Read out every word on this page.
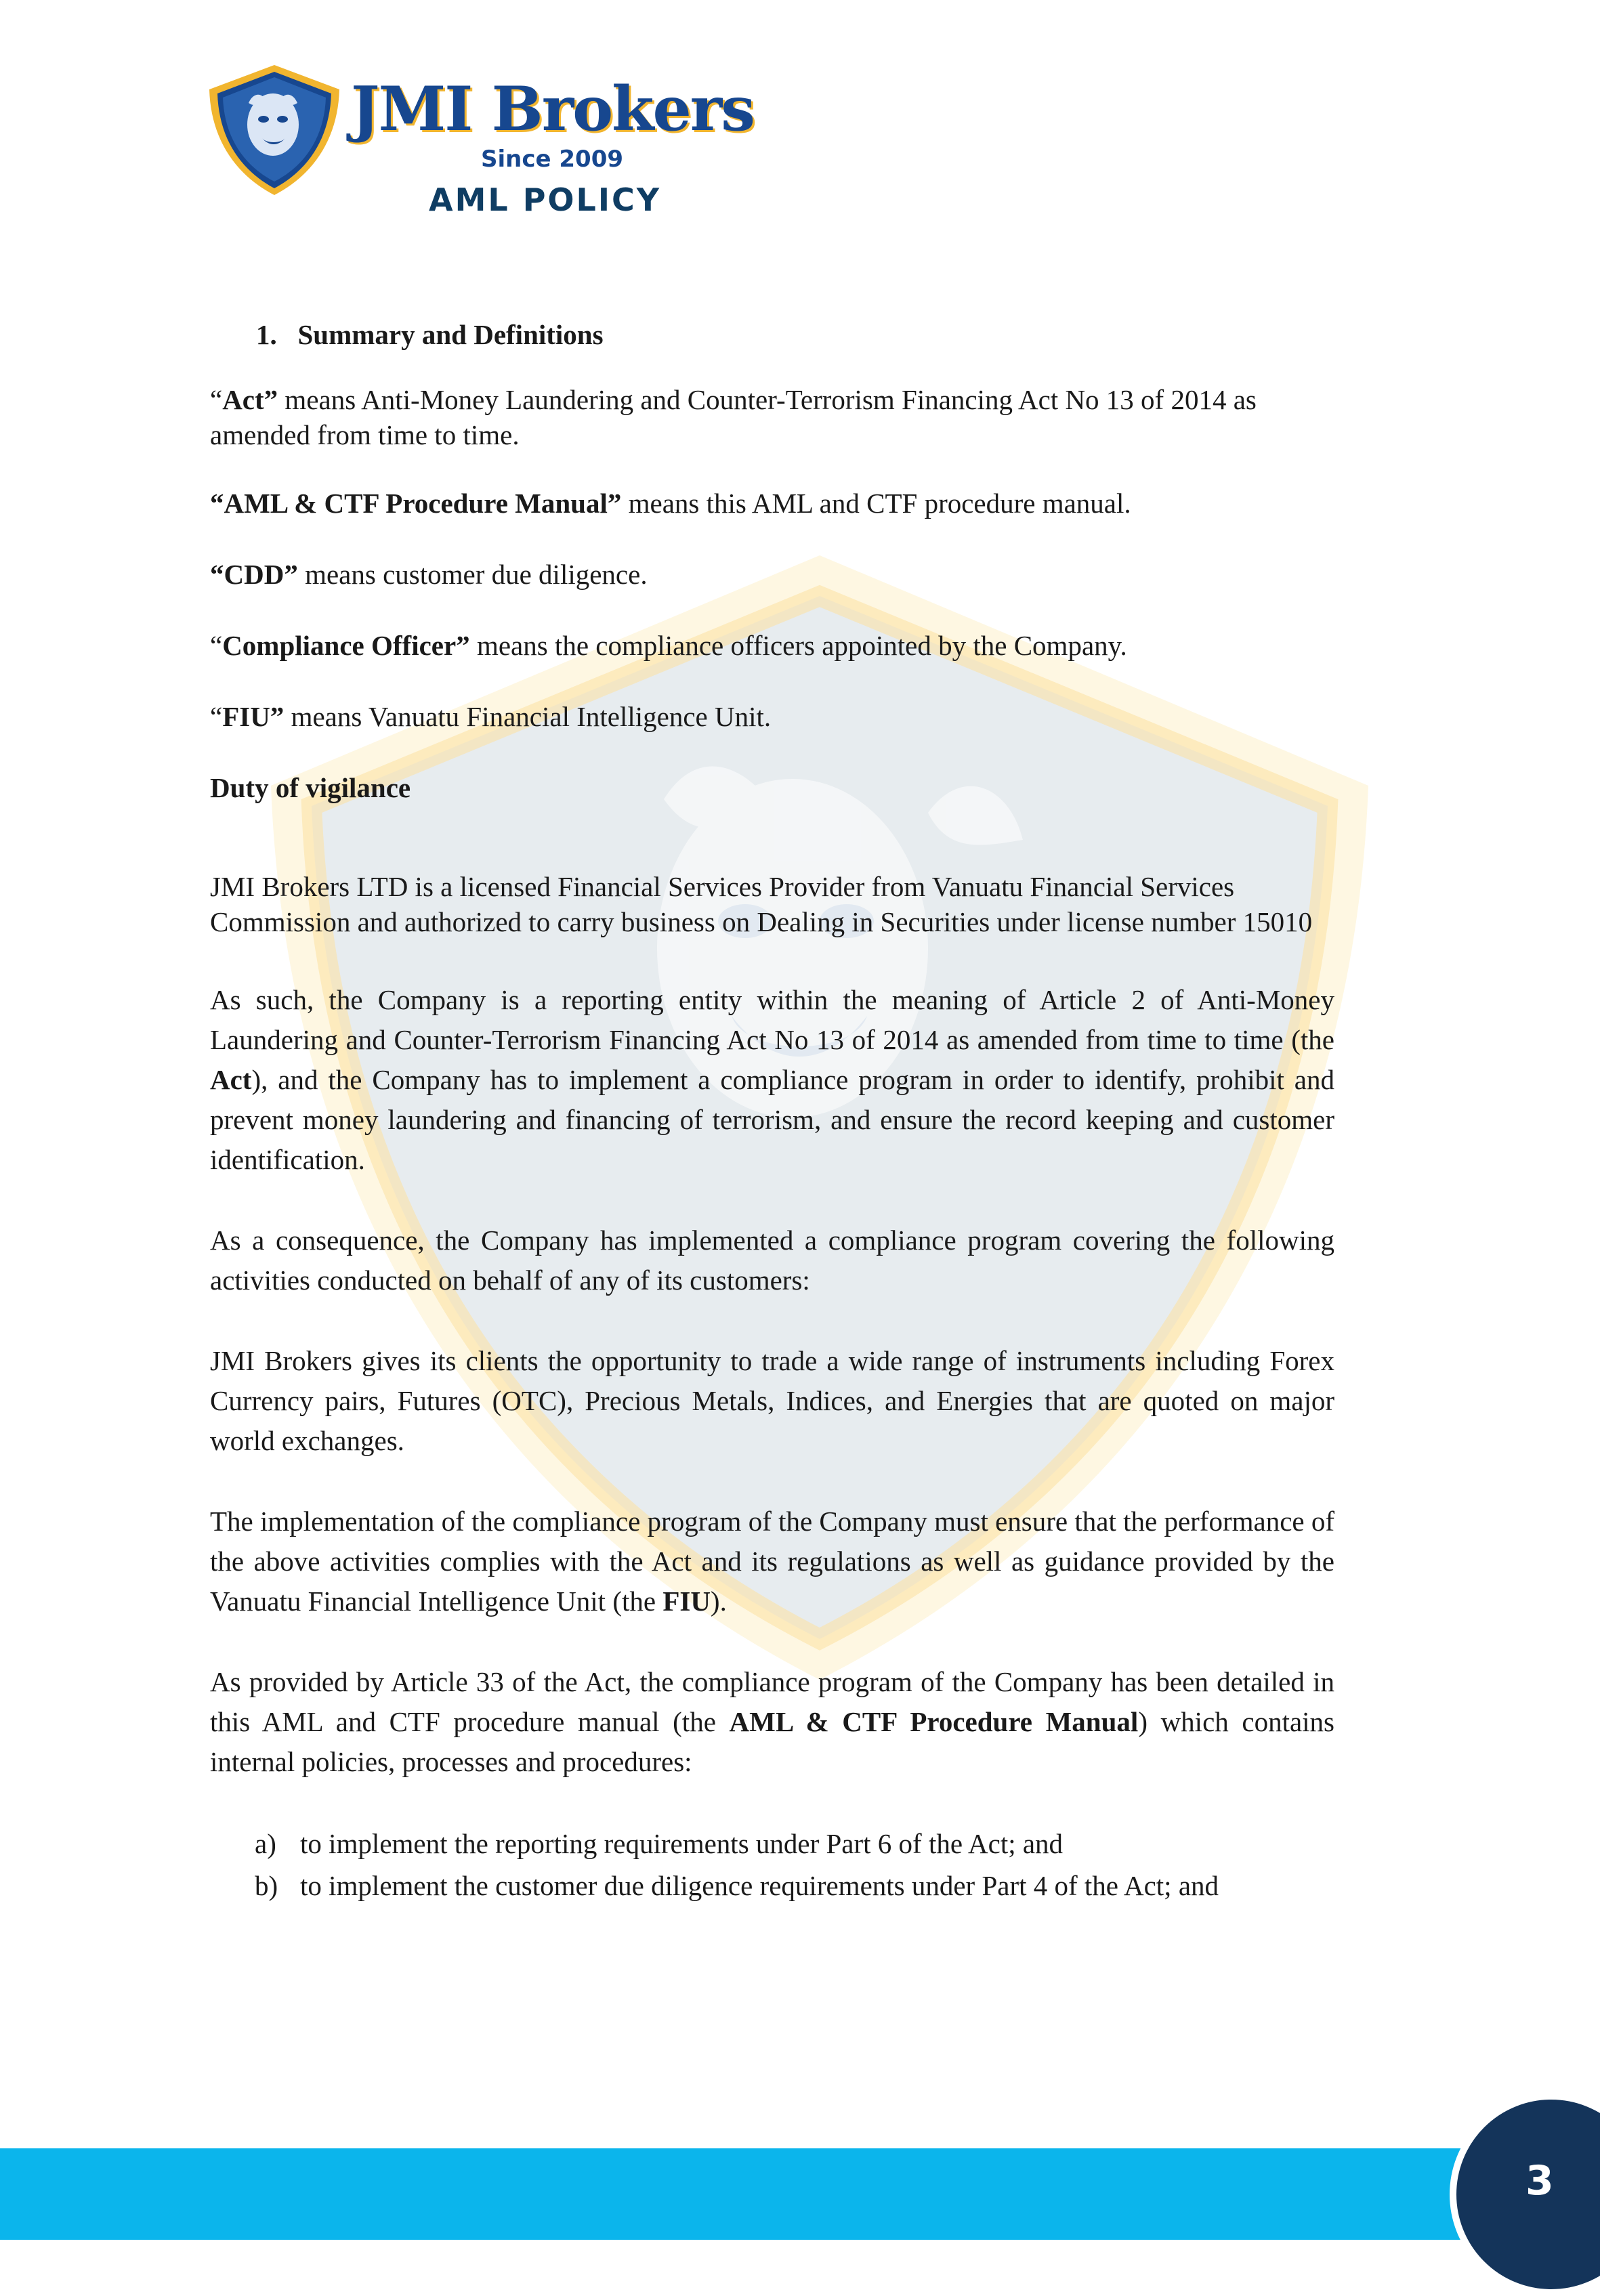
JMI Brokers
Since 2009
AML POLICY
1. Summary and Definitions

“Act” means Anti-Money Laundering and Counter-Terrorism Financing Act No 13 of 2014 as amended from time to time.

“AML & CTF Procedure Manual” means this AML and CTF procedure manual.

“CDD” means customer due diligence.

“Compliance Officer” means the compliance officers appointed by the Company.

“FIU” means Vanuatu Financial Intelligence Unit.

Duty of vigilance

JMI Brokers LTD is a licensed Financial Services Provider from Vanuatu Financial Services Commission and authorized to carry business on Dealing in Securities under license number 15010

As such, the Company is a reporting entity within the meaning of Article 2 of Anti-Money Laundering and Counter-Terrorism Financing Act No 13 of 2014 as amended from time to time (the Act), and the Company has to implement a compliance program in order to identify, prohibit and prevent money laundering and financing of terrorism, and ensure the record keeping and customer identification.

As a consequence, the Company has implemented a compliance program covering the following activities conducted on behalf of any of its customers:

JMI Brokers gives its clients the opportunity to trade a wide range of instruments including Forex Currency pairs, Futures (OTC), Precious Metals, Indices, and Energies that are quoted on major world exchanges.

The implementation of the compliance program of the Company must ensure that the performance of the above activities complies with the Act and its regulations as well as guidance provided by the Vanuatu Financial Intelligence Unit (the FIU).

As provided by Article 33 of the Act, the compliance program of the Company has been detailed in this AML and CTF procedure manual (the AML & CTF Procedure Manual) which contains internal policies, processes and procedures:

a) to implement the reporting requirements under Part 6 of the Act; and
b) to implement the customer due diligence requirements under Part 4 of the Act; and
3
